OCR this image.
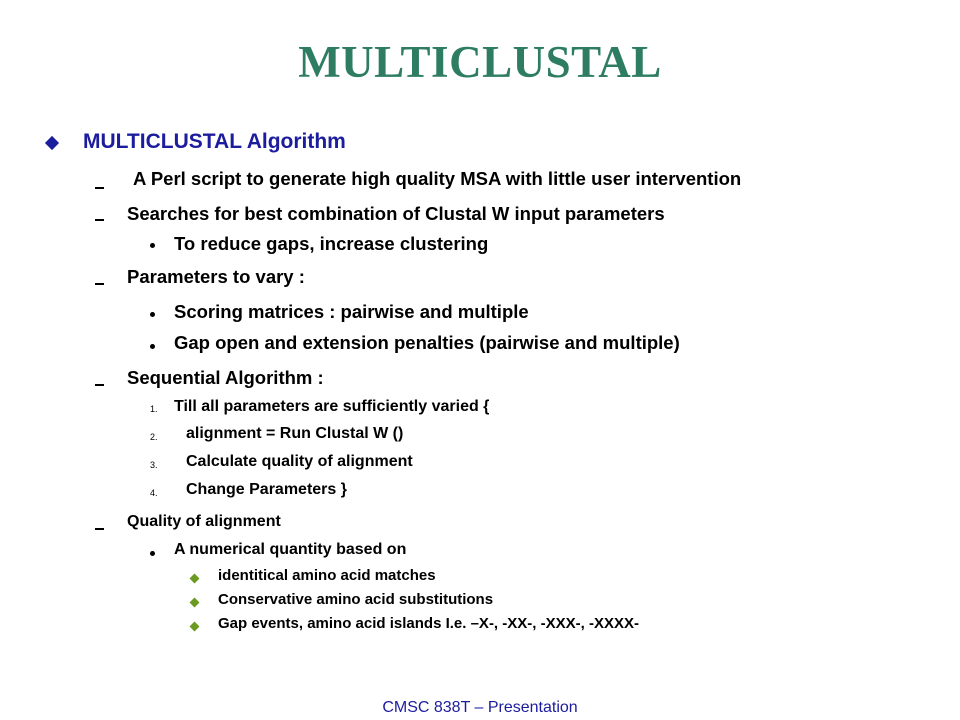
MULTICLUSTAL
MULTICLUSTAL Algorithm
A Perl script to generate high quality MSA with little user intervention
Searches for best combination of Clustal W input parameters
To reduce gaps, increase clustering
Parameters to vary :
Scoring matrices : pairwise and multiple
Gap open and extension penalties (pairwise and multiple)
Sequential Algorithm :
1. Till all parameters are sufficiently varied {
2. alignment = Run Clustal W ()
3. Calculate quality of alignment
4. Change Parameters }
Quality of alignment
A numerical quantity based on
identitical amino acid matches
Conservative amino acid substitutions
Gap events, amino acid islands I.e. –X-, -XX-, -XXX-, -XXXX-
CMSC 838T – Presentation
